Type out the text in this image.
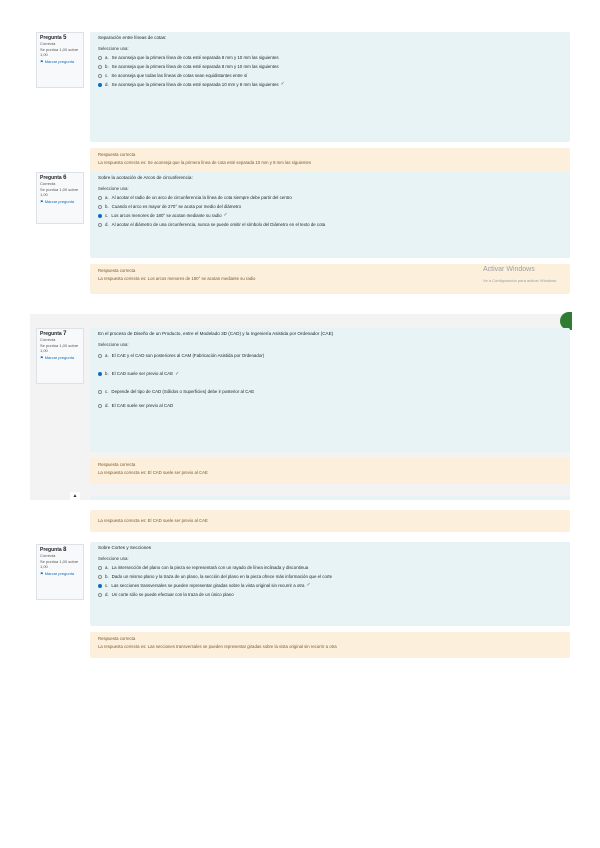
Pregunta 5
Correcta
Se puntúa 1,00 sobre 1,00
⚑ Marcar pregunta
Separación entre líneas de cotas:
Seleccione una:
a. Se aconseja que la primera línea de cota esté separada 8 mm y 10 mm las siguientes
b. Se aconseja que la primera línea de cota esté separada 8 mm y 10 mm las siguientes
c. Se aconseja que todas las líneas de cotas sean equidistantes entre sí
d. Se aconseja que la primera línea de cota esté separada 10 mm y 8 mm las siguientes ✓
Respuesta correcta
La respuesta correcta es: Se aconseja que la primera línea de cota esté separada 10 mm y 8 mm las siguientes
Pregunta 6
Correcta
Se puntúa 1,00 sobre 1,00
⚑ Marcar pregunta
Sobre la acotación de Arcos de circunferencia:
Seleccione una:
a. Al acotar el radio de un arco de circunferencia la línea de cota siempre debe partir del centro
b. Cuando el arco es mayor de 270° se acota por medio del diámetro
c. Los arcos menores de 180° se acotan mediante su radio ✓
d. Al acotar el diámetro de una circunferencia, nunca se puede omitir el símbolo del Diámetro en el texto de cota
Respuesta correcta
La respuesta correcta es: Los arcos menores de 180° se acotan mediante su radio
Activar Windows
Ve a Configuración para activar Windows.
Pregunta 7
Correcta
Se puntúa 1,00 sobre 1,00
⚑ Marcar pregunta
En el proceso de Diseño de un Producto, entre el Modelado 3D (CAD) y la Ingeniería Asistida por Ordenador (CAE)
Seleccione una:
a. El CAE y el CAD son posteriores al CAM (Fabricación Asistida por Ordenador)
b. El CAD suele ser previo al CAE ✓
c. Depende del tipo de CAD (Sólidos o Superficies) debe ir posterior al CAE
d. El CAE suele ser previo al CAD
Respuesta correcta
La respuesta correcta es: El CAD suele ser previo al CAE
▲
La respuesta correcta es: El CAD suele ser previo al CAE
Pregunta 8
Correcta
Se puntúa 1,00 sobre 1,00
⚑ Marcar pregunta
Sobre Cortes y Secciones
Seleccione una:
a. La intersección del plano con la pieza se representará con un rayado de línea inclinada y discontinua
b. Dado un mismo plano y la traza de un plano, la sección del plano en la pieza ofrece más información que el corte
c. Las secciones transversales se pueden representar giradas sobre la vista original sin recurrir a otra ✓
d. Un corte sólo se puede efectuar con la traza de un único plano
Respuesta correcta
La respuesta correcta es: Las secciones transversales se pueden representar giradas sobre la vista original sin recurrir a otra
